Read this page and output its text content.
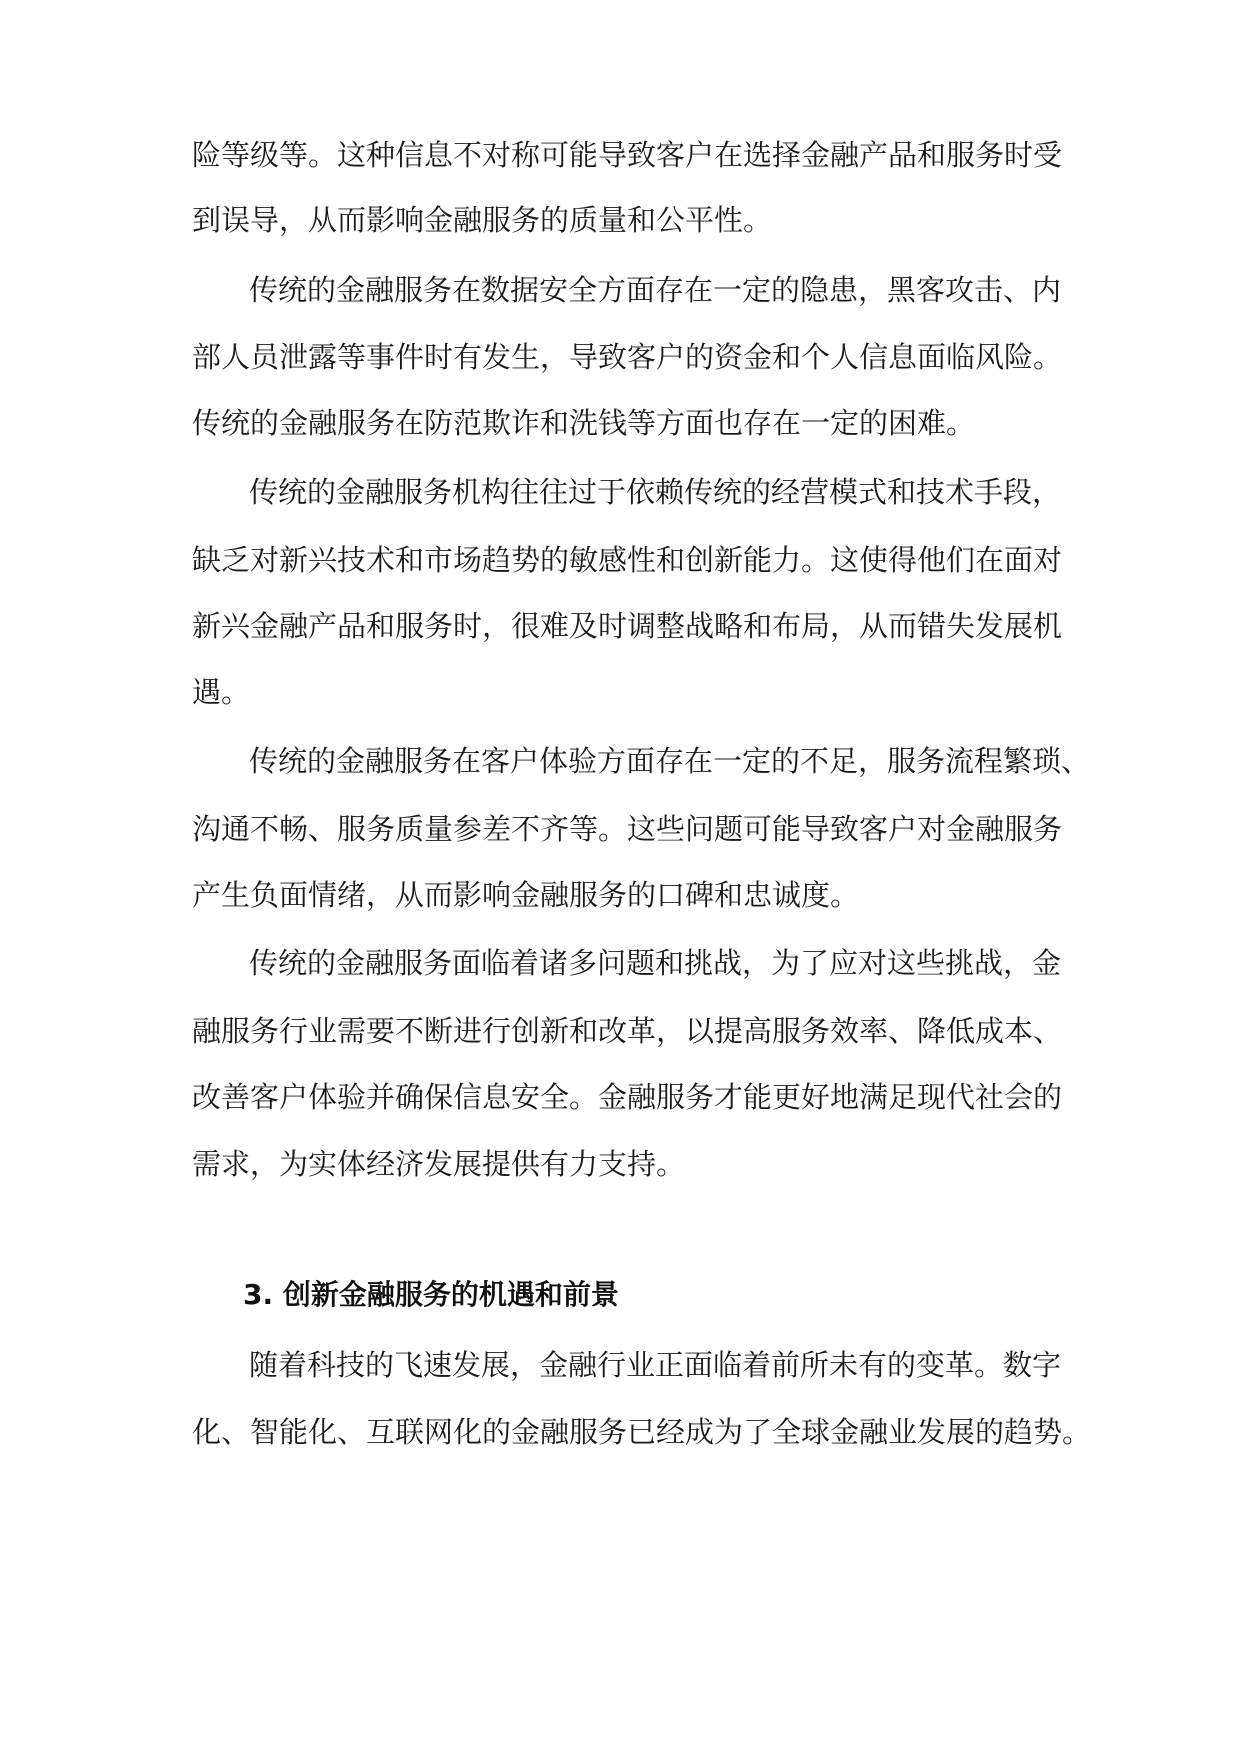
险等级等。这种信息不对称可能导致客户在选择金融产品和服务时受
到误导，从而影响金融服务的质量和公平性。
传统的金融服务在数据安全方面存在一定的隐患，黑客攻击、内
部人员泄露等事件时有发生，导致客户的资金和个人信息面临风险。
传统的金融服务在防范欺诈和洗钱等方面也存在一定的困难。
传统的金融服务机构往往过于依赖传统的经营模式和技术手段，
缺乏对新兴技术和市场趋势的敏感性和创新能力。这使得他们在面对
新兴金融产品和服务时，很难及时调整战略和布局，从而错失发展机
遇。
传统的金融服务在客户体验方面存在一定的不足，服务流程繁琐、
沟通不畅、服务质量参差不齐等。这些问题可能导致客户对金融服务
产生负面情绪，从而影响金融服务的口碑和忠诚度。
传统的金融服务面临着诸多问题和挑战，为了应对这些挑战，金
融服务行业需要不断进行创新和改革，以提高服务效率、降低成本、
改善客户体验并确保信息安全。金融服务才能更好地满足现代社会的
需求，为实体经济发展提供有力支持。
随着科技的飞速发展，金融行业正面临着前所未有的变革。数字
化、智能化、互联网化的金融服务已经成为了全球金融业发展的趋势。
3. 创新金融服务的机遇和前景
